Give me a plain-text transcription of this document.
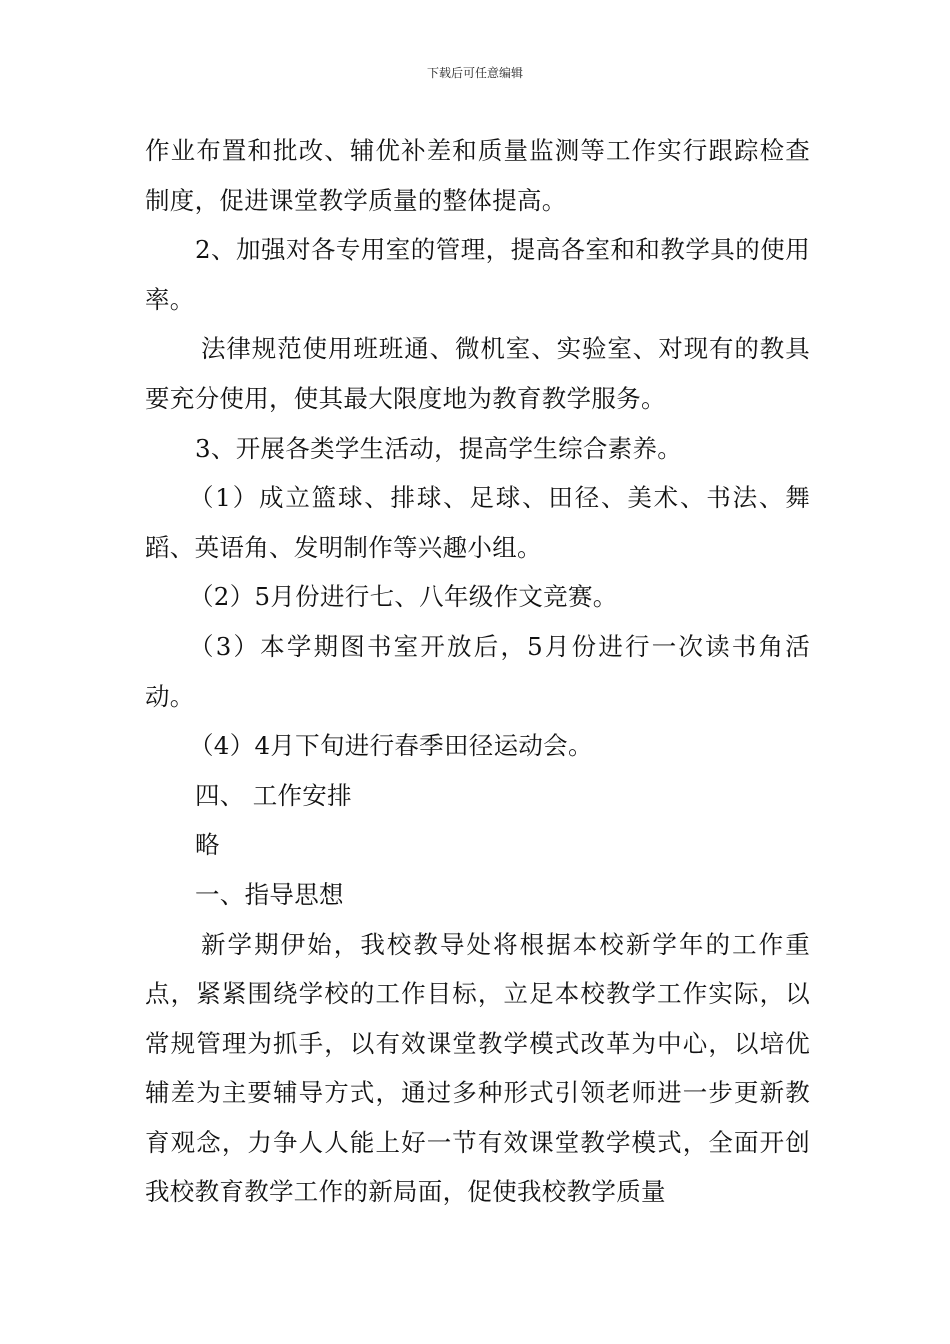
下载后可任意编辑

作业布置和批改、辅优补差和质量监测等工作实行跟踪检查制度，促进课堂教学质量的整体提高。

2、加强对各专用室的管理，提高各室和和教学具的使用率。

法律规范使用班班通、微机室、实验室、对现有的教具要充分使用，使其最大限度地为教育教学服务。

3、开展各类学生活动，提高学生综合素养。

（1）成立篮球、排球、足球、田径、美术、书法、舞蹈、英语角、发明制作等兴趣小组。

（2）5月份进行七、八年级作文竞赛。

（3）本学期图书室开放后，5月份进行一次读书角活动。

（4）4月下旬进行春季田径运动会。

四、 工作安排

略

一、指导思想

新学期伊始，我校教导处将根据本校新学年的工作重点，紧紧围绕学校的工作目标，立足本校教学工作实际，以常规管理为抓手，以有效课堂教学模式改革为中心，以培优辅差为主要辅导方式，通过多种形式引领老师进一步更新教育观念，力争人人能上好一节有效课堂教学模式，全面开创我校教育教学工作的新局面，促使我校教学质量
